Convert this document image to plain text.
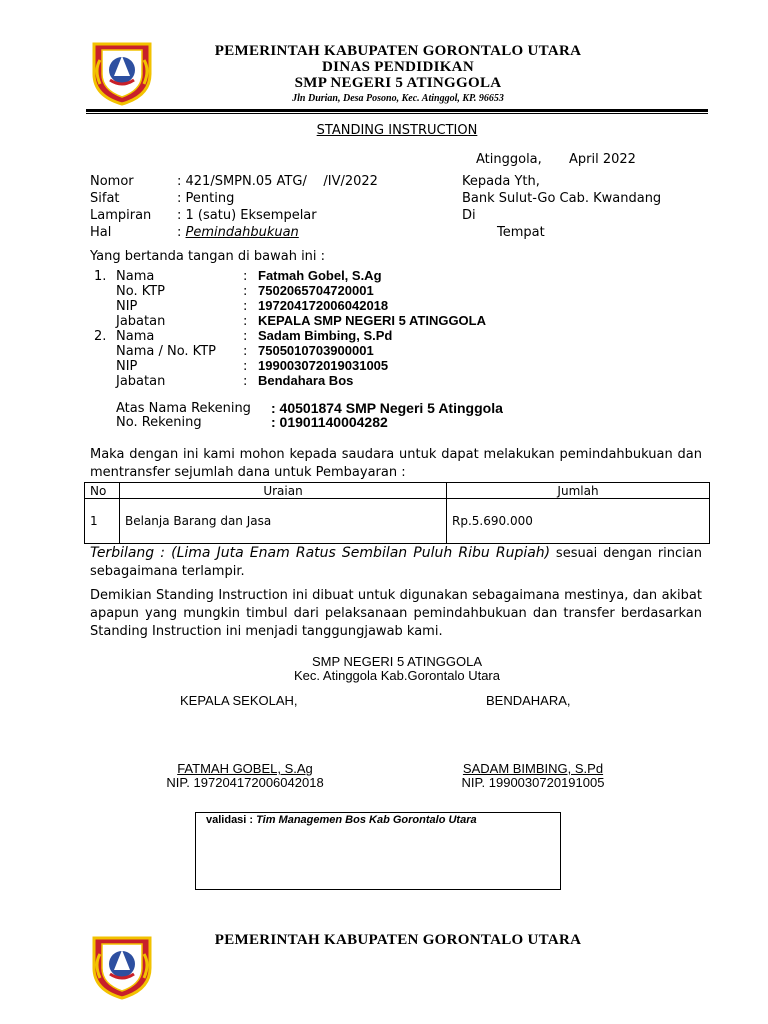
PEMERINTAH KABUPATEN GORONTALO UTARA
DINAS PENDIDIKAN
SMP NEGERI 5 ATINGGOLA
Jln Durian, Desa Posono, Kec. Atinggol, KP. 96653
STANDING INSTRUCTION
Atinggola, April 2022
Nomor	: 421/SMPN.05 ATG/    /IV/2022
Sifat	: Penting
Lampiran : 1 (satu) Eksempelar
Hal	: Pemindahbukuan
Kepada Yth,
Bank Sulut-Go Cab. Kwandang
Di
Tempat
Yang bertanda tangan di bawah ini :
1. Nama	: Fatmah Gobel, S.Ag
No. KTP	: 7502065704720001
NIP	: 197204172006042018
Jabatan	: KEPALA SMP NEGERI 5 ATINGGOLA
2. Nama	: Sadam Bimbing, S.Pd
Nama / No. KTP : 7505010703900001
NIP	: 199003072019031005
Jabatan	: Bendahara Bos
Atas Nama Rekening : 40501874 SMP Negeri 5 Atinggola
No. Rekening	: 01901140004282
Maka dengan ini kami mohon kepada saudara untuk dapat melakukan pemindahbukuan dan mentransfer sejumlah dana untuk Pembayaran :
No	Uraian	Jumlah
1	Belanja Barang dan Jasa	Rp.5.690.000
Terbilang : (Lima Juta Enam Ratus Sembilan Puluh Ribu Rupiah) sesuai dengan rincian sebagaimana terlampir.
Demikian Standing Instruction ini dibuat untuk digunakan sebagaimana mestinya, dan akibat apapun yang mungkin timbul dari pelaksanaan pemindahbukuan dan transfer berdasarkan Standing Instruction ini menjadi tanggungjawab kami.
SMP NEGERI 5 ATINGGOLA
Kec. Atinggola Kab.Gorontalo Utara
KEPALA SEKOLAH,	BENDAHARA,
FATMAH GOBEL, S.Ag
NIP. 197204172006042018
SADAM BIMBING, S.Pd
NIP. 1990030720191005
validasi : Tim Managemen Bos Kab Gorontalo Utara
PEMERINTAH KABUPATEN GORONTALO UTARA
